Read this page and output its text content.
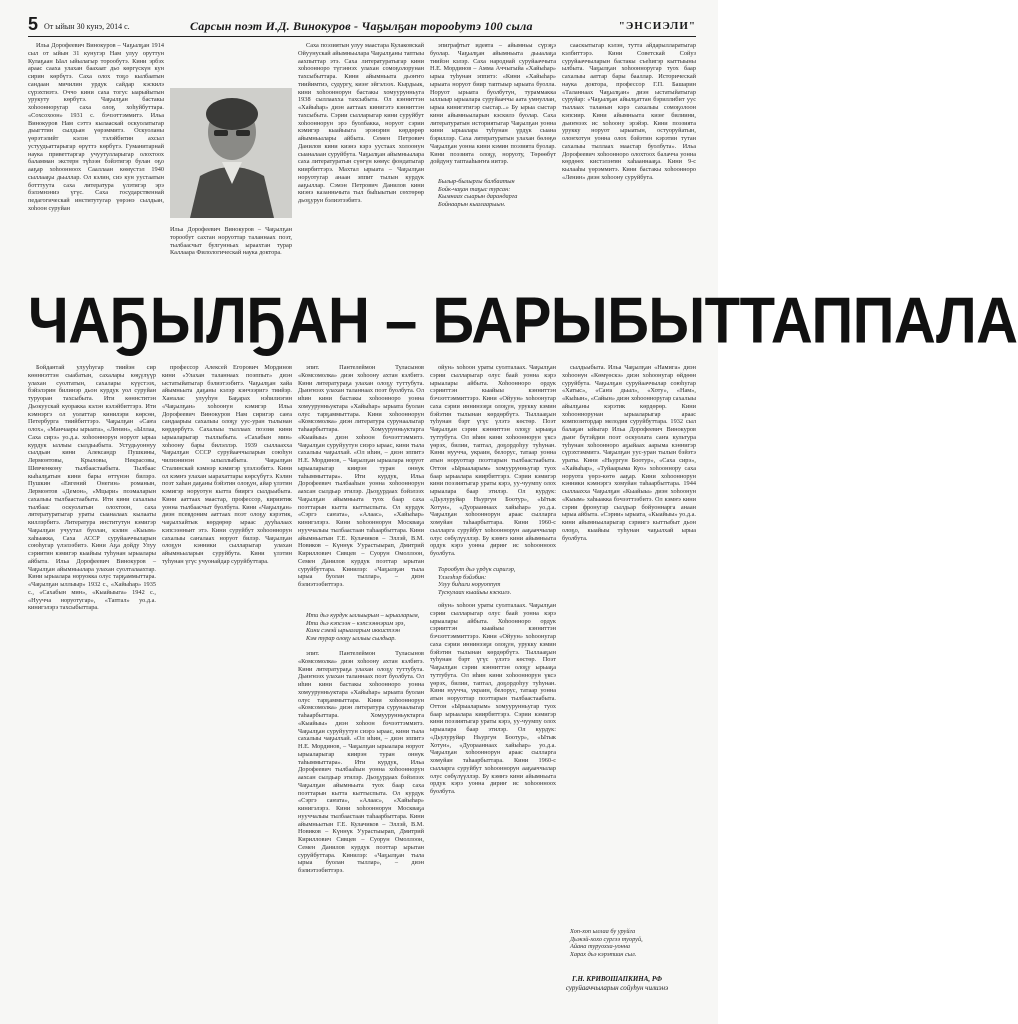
5 От ыйын 30 кунэ, 2014 с.	Сарсын поэт И.Д. Винокуров - Чаҕылҕан тороobутэ 100 сыла	"ЭНСИЭЛИ"

Ильа Дорофеевич Винокуров – Чаҕылҕан 1914 сыл от ыйын 31 кунугэр Нам улуу оруттун Кулаҕаан Ыал ыйылагыр торообутэ. Кини эрбэх араас сааха улахан баахаат дьо көргүскүн кун сирин көрбүтэ. Саха олох тоҕо кылбаатын сандаан мичилин урдук сайдар кэскилэ сүрэхтиэтэ. Оччо кини саха тогус ыарыйытын урукуту көрбүтэ. Чаҕылҕан бастакы хоһоонноругар саха олоҕ хоһуйбуттара. «Сохсохоон» 1931 с. бэчээттэммитэ. Ильа Винокуров Нам сэттэ кылааскай оскуолатыгар дьыгттин сылдьан үөрэммитэ. Оскуоланы үөрэтэлийт кэлэн тэлэйбитин ахсыл устуудьаттарыгар өрүттэ көрбүтэ. Гуманитарнай наука приветтаргар учуутулларыгар олохтоох баламман экстерн түһээн бэйэтигэр булан оҕо ааҕар хоһоонноох Сааллаан көмүстэл 1940 сыллааҕы дьыллар. Ол кэлин, сиэ кун уустаатын ботттуута саха литература үлэтигэр эрэ бэлэмнэниэ үгүс. Саха государственнай педагогическай институтугар үөрэнэ сылдьан, хоһоон суруйан

Ильа Дорофеевич Винокуров – Чаҕылҕан торообут сахтан норуоттар таланнаах поэт, тылбаасчыт булгунньах ыраахтан турар Каллаара Филологическай наука доктора.

Саха поэзиятын улуу маастара Кулаковскай Ойуунускай айымньылара Чаҕылҕаны таптыы аахпыттар этэ. Саха литературатыгар кини хоһоонноро түгэннэх улахан сомоҕолорунан тахсыбыттара. Кини айымньыта дьоҥҥо тиийимтиэ, судургу, киэҥ эйгэлээх. Кырдьык, кини хоһооннорун бастакы хомуурунньуга 1938 сыллаахха тахсыбыта. Ол кэнниттэн «Хайыһар» диэн ааттаах кинигэтэ кэнниттэн тахсыбыта. Сэрии сылларыгар кини суруйбут хоһооннорун эрэ буолбакка, норуот сэрии кэмигэр кыайыыга эрэнэрин көрдөрөр айымньылары айбыта. Семен Петрович Данилов кини киэнэ кэрэ уустаах холоонун сыаналаан суруйбута. Чаҕылҕан айымньылара саха литературатын сүөгүн көмүс фондатыгар киирбиттэрэ. Махтал ырыата – Чаҕылҕан норуотугар анаан эппит тылын курдук ааҕыллар. Сэмэн Петрович Данилов кини киэнэ казанньчыта тыл быһыытын сөхтөрөр дьоҕурун бэлиэтээбитэ.

эпиграфтыт идеята – айымньы сүрэҕэ буолар. Чаҕылҕан айымньыта дьыалаҕа тиийэн кэлэр. Саха народнай суруйааччыта Н.Е. Мординов – Амма Аччыгыйа «Хайыһар» ырыа туһунан эппитэ: «Кини «Хайыһар» ырыата норуот биир таптыыр ырыата буолла. Норуот ырыата буолбутун, тураммакка ыллыыр ырыалара суруйааччы аата умнуллан, ырыа кинигэтигэр сыстар...» Бу ырыа сыстар кини айымньыларын кэскилэ буолар. Саха литературатын историятыгар Чаҕылҕан уонна кини ырыалара туһунан үрдүк сыана бэриллэр. Саха литературатын улахан бөлөҕө Чаҕылҕан уонна кини кэмин поэзията буолар. Кини поэзията олоҕу, норуоту, Төрөөбүт дойдуну таптааһыҥҥа иитэр.

Былыр-былыргы балбаатын
Бойк-чаҕан таҕыс турсан:
Кымнаах сыарын дарандарга
Бойнаарын кыалаарыын.

сааскытыгар кэлэн, тутта айдарылларатыгар кэлбиттэрэ. Кини Советскай Сойуз суруйааччыларын бастакы съеһигэр кыттыыны ылбыта. Чаҕылҕан хоһоонноругар туох баар сахалыы ааттар бары бааллар. Историческай наука доктора, профессор Г.П. Башарин «Таланнаах Чаҕылҕан» диэн ыстатыйатыгар суруйар: «Чаҕылҕан айылҕаттан бэриллибит уус тыллаах таланын кэрэ сахалыы сомоҕолоон кэпсиир. Кини айымньыта киэҥ билиини, дьиҥнээх ис хоһоону эрэйэр. Кини поэзията урукку норуот ырыатын, остуоруйатын, олоҥхотун уонна олох бэйэтин кэрэтин тутан сахалыы тыллаах маастар буолбута». Ильа Дорофеевич хоһоонноро олохтоох балачча уонна көрдөөх кистэлэҥин хаһааннааҕа. Кини 9-с кылааһы үөрэммитэ. Кини бастакы хоһоонноро «Ленин» диэн хоһоону суруйбута.

ЧАҔЫЛҔАН – БАРЫБЫТТАППАЛА

Бойдантай улууһугар тиийэн сир көнннэттэн сыабатын, сахалары көҕүлүүр улахан суолтатын, сахалары күүстээх, бэйэлэрин билинэр дьон курдук уол суруйан туруоран тахсыбыта. Ити көннститэн Дьокуускай куоракка кэлэн кэлэйбиттэрэ. Ити кэмнэргэ ол уолаттар кинилэри көрсөн, Петербурга тиийбиттэрэ. Чаҕылҕан «Саҥа олох», «Манчаары ырыата», «Ленин», «Ыллаа, Саха сирэ» уо.д.а. хоһооннорун норуот ырыа курдук ыллыы сылдьыбыта. Устудьуоннуу сылдьан кини Александр Пушкины, Лермонтовы, Крыловы, Некрасовы, Шевченкону тылбаастаабыта. Тылбаас кыһалҕатын кини бары өттүнэн билэрэ. Пушкин «Евгений Онегин» романын, Лермонтов «Демон», «Мцыри» поэмаларын сахалыы тылбаастаабыта. Ити кини сахалыы тылбаас оскуолатын олохтоон, саха литературатыгар ураты сыаналаах кылааты киллэрбитэ. Литература институтун кэмигэр Чаҕылҕан учуутал буолан, кэлин «Кыым» хаһыакка, Саха АССР суруйааччыларын союһугар үлэлээбитэ. Кини Аҕа дойду Улуу сэриитин кэмигэр кыайыы туһунан ырыалары айбыта. Ильа Дорофеевич Винокуров – Чаҕылҕан айымньылара улахан суолталаахтар. Кини ырыалара норуокка олус тарҕаммыттара. «Чаҕылҕан ыллыыр» 1932 с., «Хайыһар» 1935 с., «Сахабын мин», «Кыайыыга» 1942 с., «Нуучча норуотугар», «Таптал» уо.д.а. кинигэлэрэ тахсыбыттара.

профессор Алексей Егорович Мординов кини «Улахан таланнаах поэппыт» диэн ыстатыйатыгар бэлиэтээбитэ. Чаҕылҕан хайа айымньыта даҕаны кэлэр кэнчээригэ тиийэр. Хаҥалас улууһун Баҕарах нэһилиэгин «Чаҕылҕан» хоһоонун кэмигэр Ильа Дорофеевич Винокуров Нам сиригэр саҥа сандаарыы сахалыы олоҕу уус-уран тылынан көрдөрбүтэ. Сахалыы тыллаах поэзия кини ырыаларыгар тыллыбыта. «Сахабын мин» хоһоону бары билэллэр. 1939 сыллаахха Чаҕылҕан СССР суруйааччыларын союһун чилиэнинэн ылыллыбыта. Чаҕылҕан Сталинскай кэмнэр кэмигэр үлэлээбитэ. Кини ол кэмҥэ улахан ыарахаттары көрсүбүтэ. Кэлин поэт хаһан даҕаны бэйэтин олоҕун, айар үлэтин кэмигэр норуотун кытта бииргэ сылдьыбыта. Кини ааттаах маастар, профессор, кириитик уонна тылбаасчыт буолбута. Кини «Чаҕылҕан» диэн псевдоним ааттаах поэт олоҕу кэрэтик, чаҕылхайтык көрдөрөр ыраас дууһалаах кэпсээнньит этэ. Кини суруйбут хоһооннорун сахалыы саҥалаах норуот билэр. Чаҕылҕан олоҕун кэнники сылларыгар улахан айымньыларын суруйбута. Кини үлэтин туһунан үгүс учуонайдар суруйбуттара.

эпит. Пантелеймон Туласынов «Комсомолка» диэн хоһоону ахтан кэлбитэ. Кини литератураҕа улахан олоҕу туттубута. Дьиҥнээх улахан таланнаах поэт буолбута. Ол иһин кини бастакы хоһоонноро уонна хомуурунньуктара «Хайыһар» ырыата буолан олус тарҕаммыттара. Кини хоһооннорун «Комсомолка» диэн литература сурунаалыгар таһаарбыттара. Хомуурунньуктарга «Кыайыы» диэн хоһоон бэчээттэммитэ. Чаҕылҕан суруйуутун сиэрэ ыраас, кини тыла сахалыы чаҕылхай. «Ол иһин, – диэн эппитэ Н.Е. Мординов, – Чаҕылҕан ырыалара норуот ырыаларыгар киирэн туран оннук таһыммыттара». Ити курдук, Ильа Дорофеевич тылбааһын уонна хоһооннорун аахсан сылдьар этилэр. Дьоҕурдаах бэйэлээх Чаҕылҕан айымньыта туох баар саха поэттарын кытта кыттыспыта. Ол курдук «Сэргэ саҥата», «Алаас», «Хайыһар» кинигэлэрэ. Кини хоһооннорун Москваҕа нууччалыы тылбаастаан таһаарбыттара. Кини айымньытын Г.Е. Кулачиков – Эллэй, В.М. Новиков – Күннүк Уурастыырап, Дмитрий Кириллович Сивцев – Суорун Омоллоон, Семен Данилов курдук поэттар ырытан суруйбуттара. Кинилэр: «Чаҕылҕан тыла ырыа буолан тыллар», – диэн бэлиэтээбиттэрэ.

Ити дьэ курдук ыллыырым – ырыаларым,
Ити дьэ кэпсээн – кэпсээннэрим эрэ,
Кини сэмэй ырыаларым иккистээн
Кэм турар олоҕу ыллыы сылдьар.

эпит. Пантелеймон Туласынов «Комсомолка» диэн хоһоону ахтан кэлбитэ. Кини литератураҕа улахан олоҕу туттубута. Дьиҥнээх улахан таланнаах поэт буолбута. Ол иһин кини бастакы хоһоонноро уонна хомуурунньуктара «Хайыһар» ырыата буолан олус тарҕаммыттара. Кини хоһооннорун «Комсомолка» диэн литература сурунаалыгар таһаарбыттара. Хомуурунньуктарга «Кыайыы» диэн хоһоон бэчээттэммитэ. Чаҕылҕан суруйуутун сиэрэ ыраас, кини тыла сахалыы чаҕылхай. «Ол иһин, – диэн эппитэ Н.Е. Мординов, – Чаҕылҕан ырыалара норуот ырыаларыгар киирэн туран оннук таһыммыттара». Ити курдук, Ильа Дорофеевич тылбааһын уонна хоһооннорун аахсан сылдьар этилэр. Дьоҕурдаах бэйэлээх Чаҕылҕан айымньыта туох баар саха поэттарын кытта кыттыспыта. Ол курдук «Сэргэ саҥата», «Алаас», «Хайыһар» кинигэлэрэ. Кини хоһооннорун Москваҕа нууччалыы тылбаастаан таһаарбыттара. Кини айымньытын Г.Е. Кулачиков – Эллэй, В.М. Новиков – Күннүк Уурастыырап, Дмитрий Кириллович Сивцев – Суорун Омоллоон, Семен Данилов курдук поэттар ырытан суруйбуттара. Кинилэр: «Чаҕылҕан тыла ырыа буолан тыллар», – диэн бэлиэтээбиттэрэ.

ойун» хоһоон ураты суолталаах. Чаҕылҕан сэрии сылларыгар олус баай уонна кэрэ ырыалары айбыта. Хоһоонноро ордук сэрииттэн кыайыы кэнниттэн бэчээттэммиттэрэ. Кини «Ойуун» хоһоонугар саха сэрии иннинээҕи олоҕун, урукку кэмин бэйэтин тылынан көрдөрбүтэ. Тыллааҕын туһунан бэрт үгүс үлэтэ көстөр. Поэт Чаҕылҕан сэрии кэнниттэн олоҕу ырыаҕа туттубута. Ол иһин кини хоһооннорун үксэ үөрэх, билии, таптал, доҕордоһуу туһунан. Кини нуучча, украин, белорус, татаар уонна атын норуоттар поэттарын тылбаастаабыта. Оттон «Ырыаларым» хомуурунньугар туох баар ырыалара киирбиттэрэ. Сэрии кэмигэр кини поэзиятыгар ураты кэрэ, уу-чуумпу олох ырыалара баар этилэр. Ол курдук: «Дьулуруйар Ньургун Боотур», «Ытык Хотун», «Дуорааннаах хайыһар» уо.д.а. Чаҕылҕан хоһооннорун араас сылларга хомуйан таһаарбыттара. Кини 1960-с сылларга суруйбут хоһооннорун ааҕааччылар олус сөбүлүүллэр. Бу кэмҥэ кини айымньыта ордук кэрэ уонна дириҥ ис хоһоонноох буолбута.

Торообут дьэ үрдүк сиригэр,
Үлэлэһэр бэйэбин:
Улуу биһиги норуоппут
Тускулаах кыайыы кэскилэ.

ойун» хоһоон ураты суолталаах. Чаҕылҕан сэрии сылларыгар олус баай уонна кэрэ ырыалары айбыта. Хоһоонноро ордук сэрииттэн кыайыы кэнниттэн бэчээттэммиттэрэ. Кини «Ойуун» хоһоонугар саха сэрии иннинээҕи олоҕун, урукку кэмин бэйэтин тылынан көрдөрбүтэ. Тыллааҕын туһунан бэрт үгүс үлэтэ көстөр. Поэт Чаҕылҕан сэрии кэнниттэн олоҕу ырыаҕа туттубута. Ол иһин кини хоһооннорун үксэ үөрэх, билии, таптал, доҕордоһуу туһунан. Кини нуучча, украин, белорус, татаар уонна атын норуоттар поэттарын тылбаастаабыта. Оттон «Ырыаларым» хомуурунньугар туох баар ырыалара киирбиттэрэ. Сэрии кэмигэр кини поэзиятыгар ураты кэрэ, уу-чуумпу олох ырыалара баар этилэр. Ол курдук: «Дьулуруйар Ньургун Боотур», «Ытык Хотун», «Дуорааннаах хайыһар» уо.д.а. Чаҕылҕан хоһооннорун араас сылларга хомуйан таһаарбыттара. Кини 1960-с сылларга суруйбут хоһооннорун ааҕааччылар олус сөбүлүүллэр. Бу кэмҥэ кини айымньыта ордук кэрэ уонна дириҥ ис хоһоонноох буолбута.

сылдьыбыта. Ильа Чаҕылҕан «Намига» диэн хоһоонун «Көмүөскэ» диэн хоһоонугар өйдөөн суруйбута. Чаҕылҕан суруйааччылар союһугар «Хатыс», «Саҥа дьыл», «Хоту», «Нам», «Кыһын», «Сайын» диэн хоһоонноругар сахалыы айылҕаны кэрэтик көрдөрөр. Кини хоһооннорунан ырыаларыгар араас композитордар мелодия суруйбуттара. 1932 сыл балаҕан ыйыгар Ильа Дорофеевич Винокуров дьиҥ бүтэйдии поэт оскуолата саҥа культура туһунан хоһоонноро аҕыйаах аарыма кэннигэр сүрэхтэммитэ. Чаҕылҕан уус-уран тылын бэйэтэ ураты. Кини «Ньургун Боотур», «Саха сирэ», «Хайыһар», «Туйаарыма Куо» хоһооннору саха норуота үөрэ-көтө ааҕар. Кини хоһооннорун кэнники кэмнэргэ хомуйан таһаарбыттара. 1944 сыллаахха Чаҕылҕан «Кыайыы» диэн хоһоонун «Кыым» хаһыакка бэчээттээбитэ. Ол кэмҥэ кини сэрии фронугар сылдьар бойуоннарга анаан ырыа айбыта. «Сэрии» ырыата, «Кыайыы» уо.д.а. кини айымньыларыгар сэриигэ кыттыбыт дьон олоҕо, кыайыы туһунан чаҕылхай ырыа буолбута.

Хоп-хоп ыллаа бу уруйга
Дьэкэй-хохо сургээ туоруй,
Айана туруохха-уонна
Харах дьэ кэрэтиин сыл.
Г.Н. КРИВОШАПКИНА, РФ
суруйааччыларын сойуһун чилиэнэ
